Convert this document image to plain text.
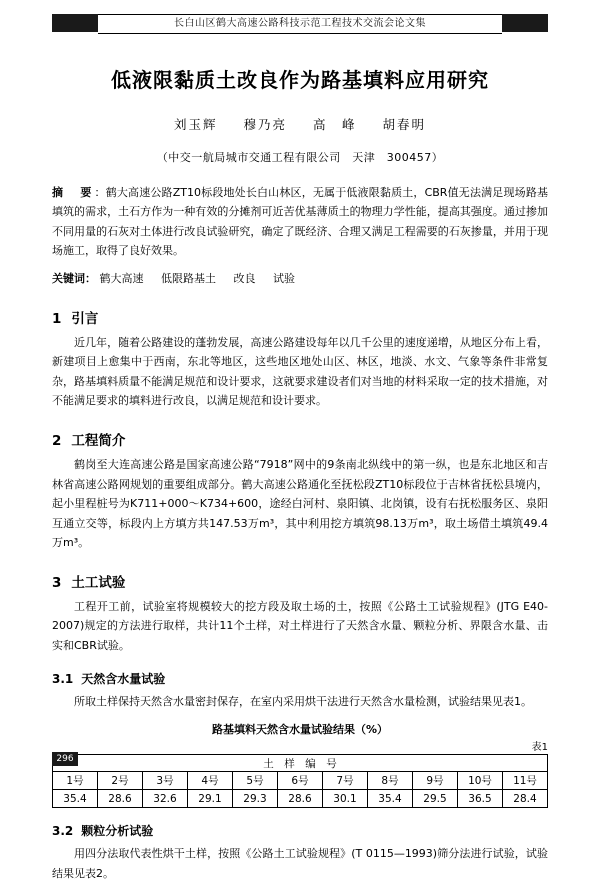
长白山区鹤大高速公路科技示范工程技术交流会论文集
低液限黏质土改良作为路基填料应用研究
刘玉辉 穆乃亮 高　峰 胡春明
（中交一航局城市交通工程有限公司　天津　300457）
摘　要：鹤大高速公路ZT10标段地处长白山林区，无属于低液限黏质土，CBR值无法满足现场路基填筑的需求，土石方作为一种有效的分摊剂可近苦优基薄质土的物理力学性能，提高其强度。通过掺加不同用量的石灰对土体进行改良试验研究，确定了既经济、合理又满足工程需要的石灰掺量，并用于现场施工，取得了良好效果。
关键词： 鹤大高速 低限路基土 改良 试验
1 引言

近几年，随着公路建设的蓬勃发展，高速公路建设每年以几千公里的速度递增，从地区分布上看，新建项目上愈集中于西南，东北等地区，这些地区地处山区、林区，地淡、水文、气象等条件非常复杂，路基填料质量不能满足规范和设计要求，这就要求建设者们对当地的材料采取一定的技术措施，对不能满足要求的填料进行改良，以满足规范和设计要求。

2 工程简介

鹤岗至大连高速公路是国家高速公路“7918”网中的9条南北纵线中的第一纵，也是东北地区和吉林省高速公路网规划的重要组成部分。鹤大高速公路通化至抚松段ZT10标段位于吉林省抚松县境内，起小里程桩号为K711+000～K734+600，途经白河村、泉阳镇、北岗镇，设有右抚松服务区、泉阳互通立交等，标段内上方填方共147.53万m³，其中利用挖方填筑98.13万m³，取土场借土填筑49.4万m³。

3 土工试验

工程开工前，试验室将规模较大的挖方段及取土场的土，按照《公路土工试验规程》(JTG E40-2007)规定的方法进行取样，共计11个土样，对土样进行了天然含水量、颗粒分析、界限含水量、击实和CBR试验。

3.1 天然含水量试验

所取土样保持天然含水量密封保存，在室内采用烘干法进行天然含水量检测，试验结果见表1。

路基填料天然含水量试验结果（%）
表1
土　样　编　号										
1号	2号	3号	4号	5号	6号	7号	8号	9号	10号	11号
35.4	28.6	32.6	29.1	29.3	28.6	30.1	35.4	29.5	36.5	28.4
3.2 颗粒分析试验

用四分法取代表性烘干土样，按照《公路土工试验规程》(T 0115—1993)筛分法进行试验，试验结果见表2。

296
